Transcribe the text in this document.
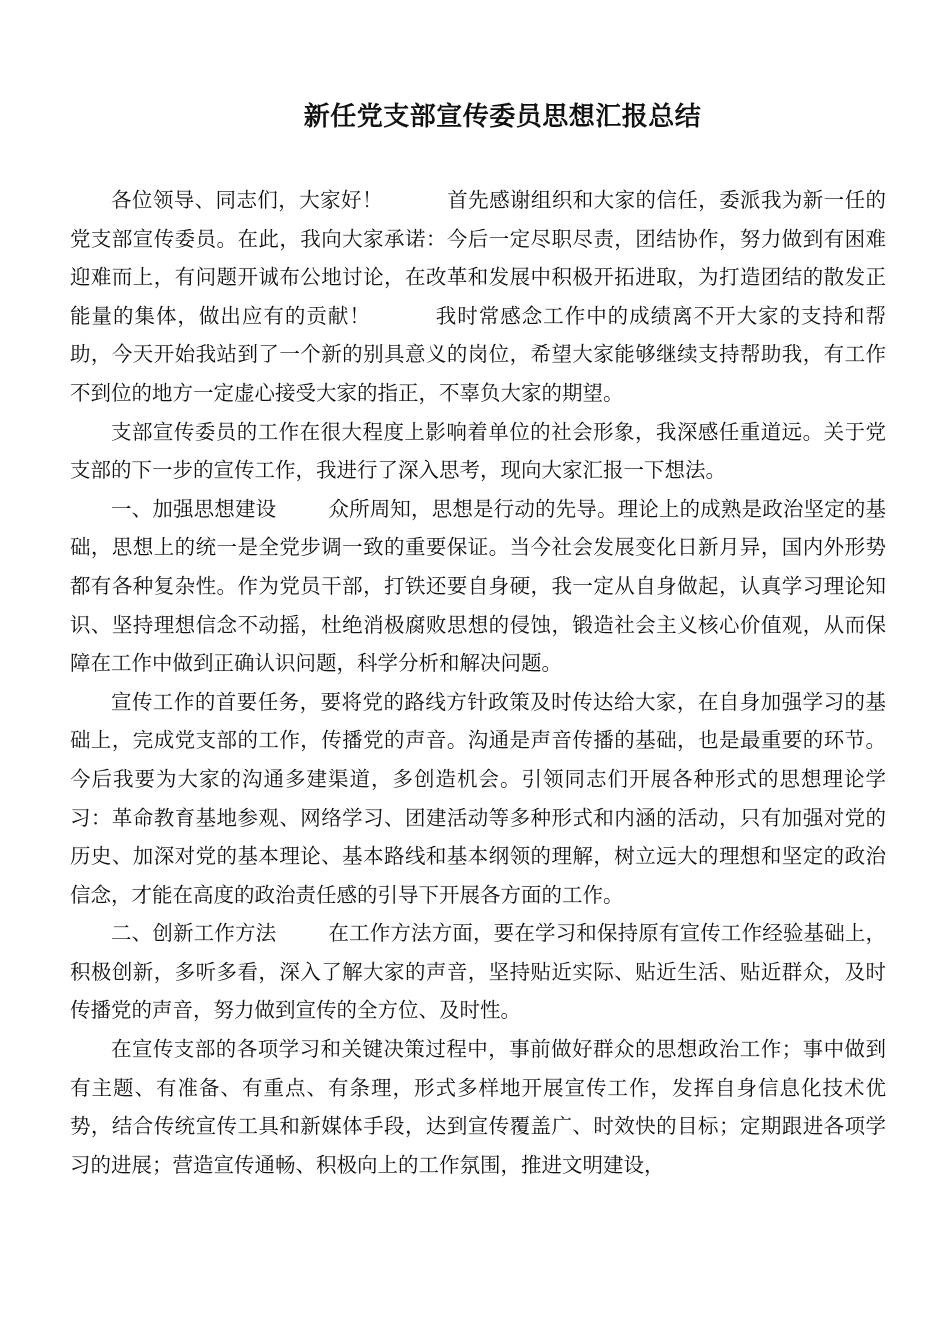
新任党支部宣传委员思想汇报总结

各位领导、同志们，大家好！	首先感谢组织和大家的信任，委派我为新一任的党支部宣传委员。在此，我向大家承诺：今后一定尽职尽责，团结协作，努力做到有困难迎难而上，有问题开诚布公地讨论，在改革和发展中积极开拓进取，为打造团结的散发正能量的集体，做出应有的贡献！	我时常感念工作中的成绩离不开大家的支持和帮助，今天开始我站到了一个新的别具意义的岗位，希望大家能够继续支持帮助我，有工作不到位的地方一定虚心接受大家的指正，不辜负大家的期望。

支部宣传委员的工作在很大程度上影响着单位的社会形象，我深感任重道远。关于党支部的下一步的宣传工作，我进行了深入思考，现向大家汇报一下想法。

一、加强思想建设	众所周知，思想是行动的先导。理论上的成熟是政治坚定的基础，思想上的统一是全党步调一致的重要保证。当今社会发展变化日新月异，国内外形势都有各种复杂性。作为党员干部，打铁还要自身硬，我一定从自身做起，认真学习理论知识、坚持理想信念不动摇，杜绝消极腐败思想的侵蚀，锻造社会主义核心价值观，从而保障在工作中做到正确认识问题，科学分析和解决问题。

宣传工作的首要任务，要将党的路线方针政策及时传达给大家，在自身加强学习的基础上，完成党支部的工作，传播党的声音。沟通是声音传播的基础，也是最重要的环节。今后我要为大家的沟通多建渠道，多创造机会。引领同志们开展各种形式的思想理论学习：革命教育基地参观、网络学习、团建活动等多种形式和内涵的活动，只有加强对党的历史、加深对党的基本理论、基本路线和基本纲领的理解，树立远大的理想和坚定的政治信念，才能在高度的政治责任感的引导下开展各方面的工作。

二、创新工作方法	在工作方法方面，要在学习和保持原有宣传工作经验基础上，积极创新，多听多看，深入了解大家的声音，坚持贴近实际、贴近生活、贴近群众，及时传播党的声音，努力做到宣传的全方位、及时性。

在宣传支部的各项学习和关键决策过程中，事前做好群众的思想政治工作；事中做到有主题、有准备、有重点、有条理，形式多样地开展宣传工作，发挥自身信息化技术优势，结合传统宣传工具和新媒体手段，达到宣传覆盖广、时效快的目标；定期跟进各项学习的进展；营造宣传通畅、积极向上的工作氛围，推进文明建设，
